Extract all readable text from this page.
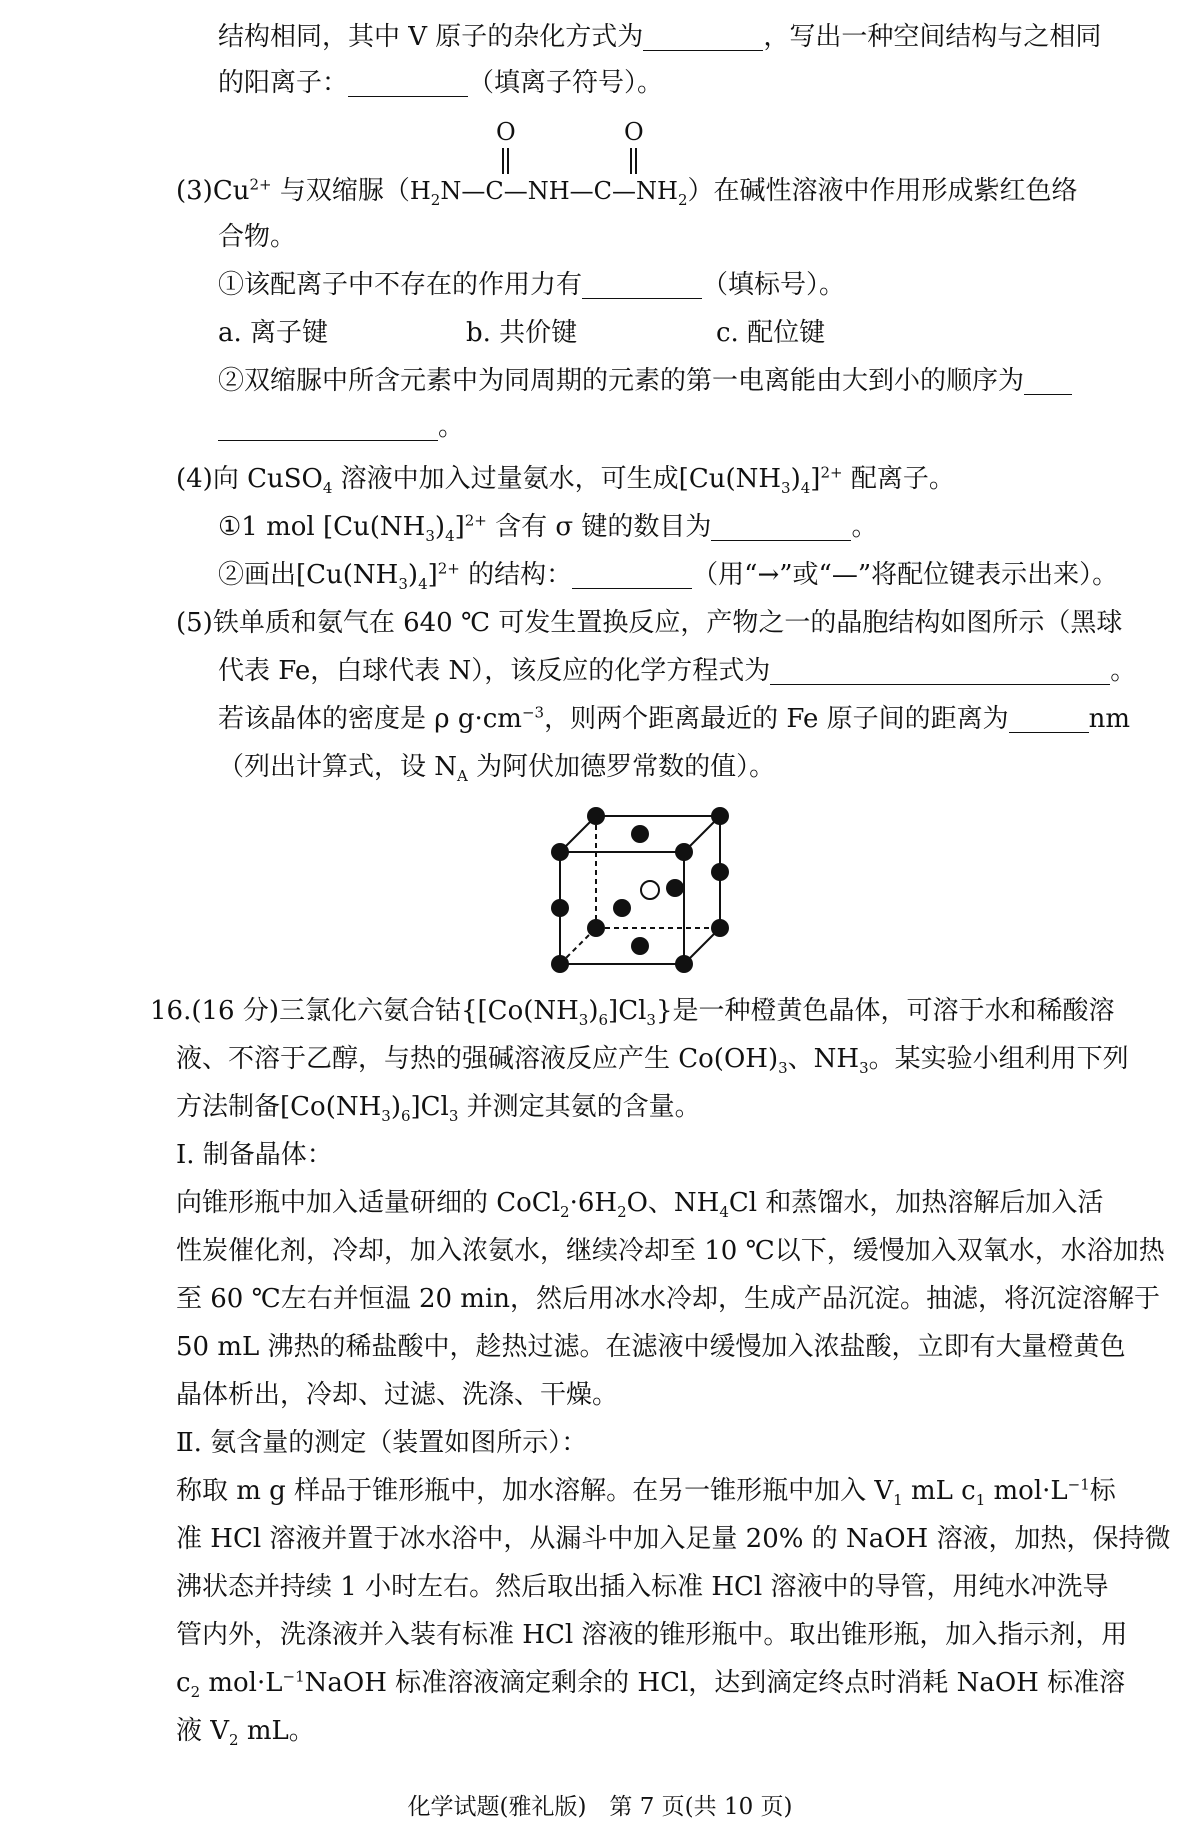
结构相同，其中 V 原子的杂化方式为	，写出一种空间结构与之相同
的阳离子：	（填离子符号）。
O	O
$(3)Cu^{2+}$ 与双缩脲$(H_2N—C—NH—C—NH_2)$在碱性溶液中作用形成紫红色络
合物。
①该配离子中不存在的作用力有	（填标号）。
a. 离子键	b. 共价键	c. 配位键
②双缩脲中所含元素中为同周期的元素的第一电离能由大到小的顺序为
。
(4)向 CuSO$_4$ 溶液中加入过量氨水，可生成$[Cu(NH_3)_4]^{2+}$ 配离子。
①1 mol $[Cu(NH_3)_4]^{2+}$ 含有 σ 键的数目为	。
②画出$[Cu(NH_3)_4]^{2+}$ 的结构：	（用“→”或“—”将配位键表示出来）。
(5)铁单质和氨气在 640 ℃ 可发生置换反应，产物之一的晶胞结构如图所示（黑球
代表 Fe，白球代表 N），该反应的化学方程式为	。
若该晶体的密度是 ρ $g\cdot cm^{-3}$，则两个距离最近的 Fe 原子间的距离为	nm
（列出计算式，设 $N_A$ 为阿伏加德罗常数的值）。
16.(16 分)三氯化六氨合钴$\{[Co(NH_3)_6]Cl_3\}$是一种橙黄色晶体，可溶于水和稀酸溶
液、不溶于乙醇，与热的强碱溶液反应产生 $Co(OH)_3$、$NH_3$。某实验小组利用下列
方法制备$[Co(NH_3)_6]Cl_3$ 并测定其氨的含量。
Ⅰ. 制备晶体：
向锥形瓶中加入适量研细的 $CoCl_2\cdot 6H_2O$、$NH_4Cl$ 和蒸馏水，加热溶解后加入活
性炭催化剂，冷却，加入浓氨水，继续冷却至 10 ℃以下，缓慢加入双氧水，水浴加热
至 60 ℃左右并恒温 20 min，然后用冰水冷却，生成产品沉淀。抽滤，将沉淀溶解于
50 mL 沸热的稀盐酸中，趁热过滤。在滤液中缓慢加入浓盐酸，立即有大量橙黄色
晶体析出，冷却、过滤、洗涤、干燥。
Ⅱ. 氨含量的测定（装置如图所示）：
称取 m g 样品于锥形瓶中，加水溶解。在另一锥形瓶中加入 $V_1$ mL $c_1$ $mol\cdot L^{-1}$标
准 HCl 溶液并置于冰水浴中，从漏斗中加入足量 20% 的 NaOH 溶液，加热，保持微
沸状态并持续 1 小时左右。然后取出插入标准 HCl 溶液中的导管，用纯水冲洗导
管内外，洗涤液并入装有标准 HCl 溶液的锥形瓶中。取出锥形瓶，加入指示剂，用
$c_2$ $mol\cdot L^{-1}NaOH$ 标准溶液滴定剩余的 HCl，达到滴定终点时消耗 NaOH 标准溶
液 $V_2$ mL。
化学试题(雅礼版)　第 7 页(共 10 页)
